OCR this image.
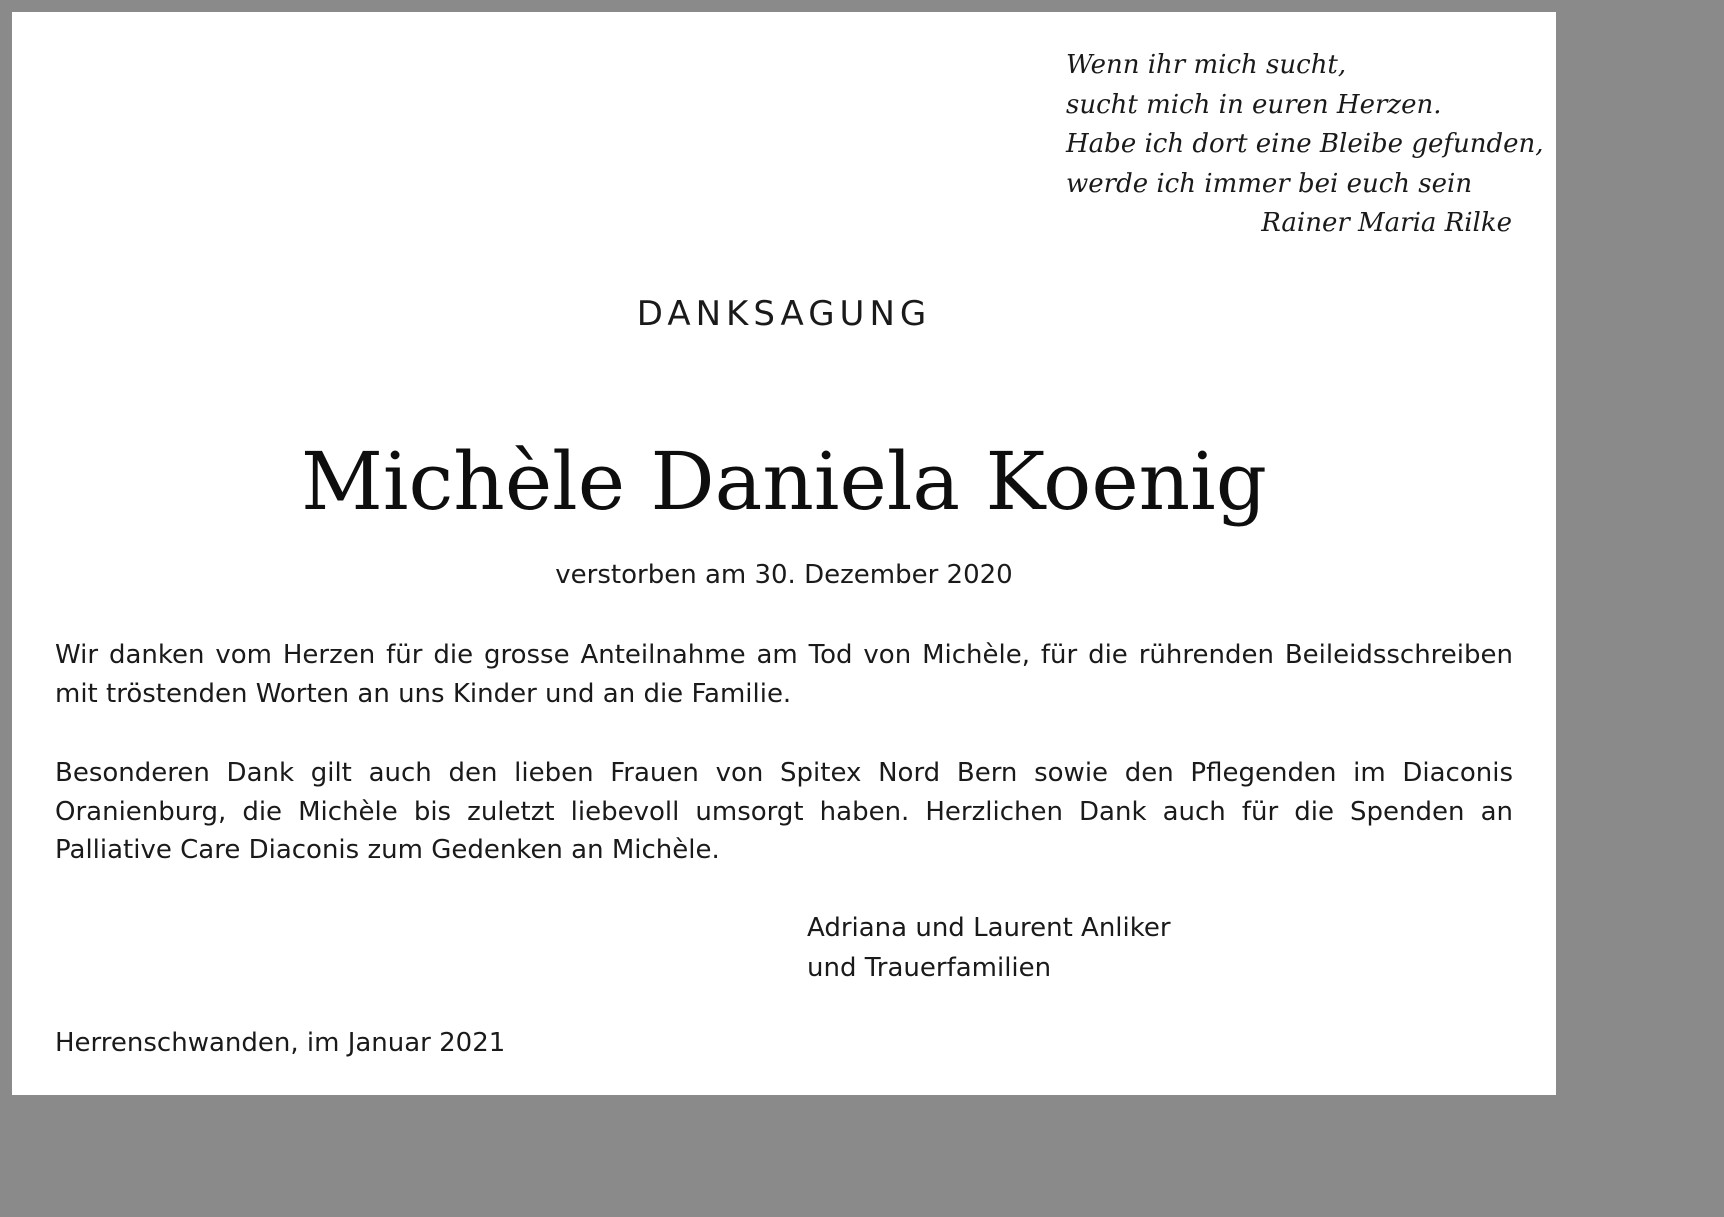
Wenn ihr mich sucht,
sucht mich in euren Herzen.
Habe ich dort eine Bleibe gefunden,
werde ich immer bei euch sein
Rainer Maria Rilke
DANKSAGUNG
Michèle Daniela Koenig
verstorben am 30. Dezember 2020
Wir danken vom Herzen für die grosse Anteilnahme am Tod von Michèle, für die rührenden Beileidsschreiben mit tröstenden Worten an uns Kinder und an die Familie.
Besonderen Dank gilt auch den lieben Frauen von Spitex Nord Bern sowie den Pflegenden im Diaconis Oranienburg, die Michèle bis zuletzt liebevoll umsorgt haben. Herzlichen Dank auch für die Spenden an Palliative Care Diaconis zum Gedenken an Michèle.
Adriana und Laurent Anliker
und Trauerfamilien
Herrenschwanden, im Januar 2021
